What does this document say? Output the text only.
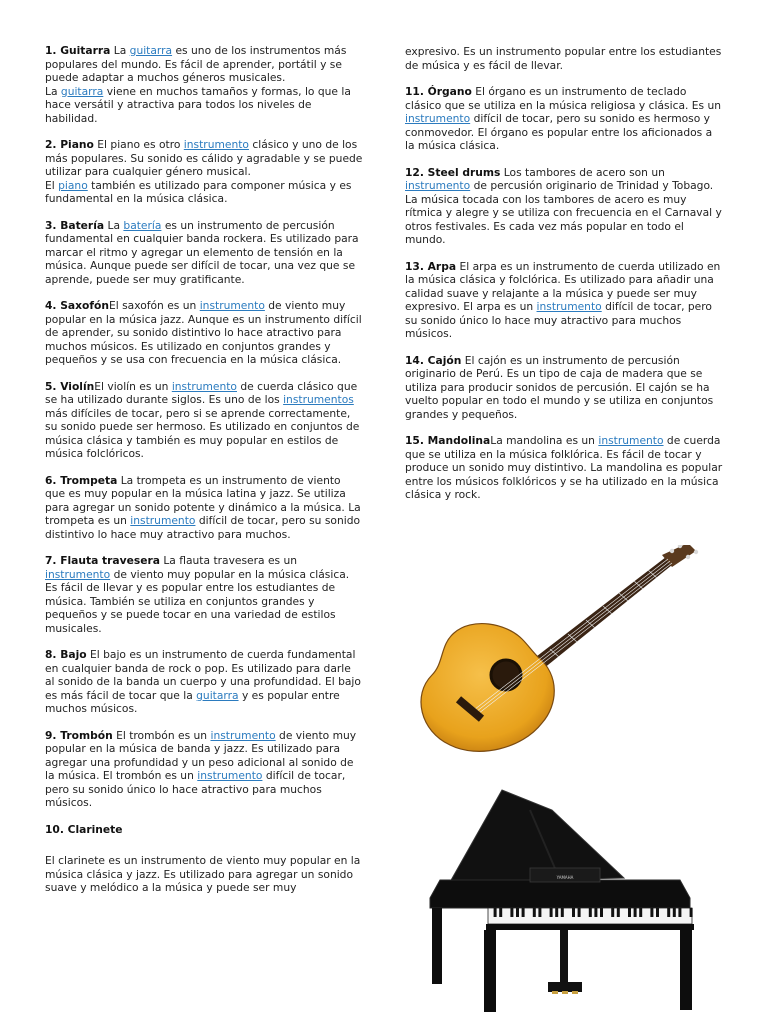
1. Guitarra La guitarra es uno de los instrumentos más populares del mundo. Es fácil de aprender, portátil y se puede adaptar a muchos géneros musicales.
La guitarra viene en muchos tamaños y formas, lo que la hace versátil y atractiva para todos los niveles de habilidad.

2. Piano El piano es otro instrumento clásico y uno de los más populares. Su sonido es cálido y agradable y se puede utilizar para cualquier género musical.
El piano también es utilizado para componer música y es fundamental en la música clásica.

3. Batería La batería es un instrumento de percusión fundamental en cualquier banda rockera. Es utilizado para marcar el ritmo y agregar un elemento de tensión en la música. Aunque puede ser difícil de tocar, una vez que se aprende, puede ser muy gratificante.

4. SaxofónEl saxofón es un instrumento de viento muy popular en la música jazz. Aunque es un instrumento difícil de aprender, su sonido distintivo lo hace atractivo para muchos músicos. Es utilizado en conjuntos grandes y pequeños y se usa con frecuencia en la música clásica.

5. ViolínEl violín es un instrumento de cuerda clásico que se ha utilizado durante siglos. Es uno de los instrumentos más difíciles de tocar, pero si se aprende correctamente, su sonido puede ser hermoso. Es utilizado en conjuntos de música clásica y también es muy popular en estilos de música folclóricos.

6. Trompeta La trompeta es un instrumento de viento que es muy popular en la música latina y jazz. Se utiliza para agregar un sonido potente y dinámico a la música. La trompeta es un instrumento difícil de tocar, pero su sonido distintivo lo hace muy atractivo para muchos.

7. Flauta travesera La flauta travesera es un instrumento de viento muy popular en la música clásica. Es fácil de llevar y es popular entre los estudiantes de música. También se utiliza en conjuntos grandes y pequeños y se puede tocar en una variedad de estilos musicales.

8. Bajo El bajo es un instrumento de cuerda fundamental en cualquier banda de rock o pop. Es utilizado para darle al sonido de la banda un cuerpo y una profundidad. El bajo es más fácil de tocar que la guitarra y es popular entre muchos músicos.

9. Trombón El trombón es un instrumento de viento muy popular en la música de banda y jazz. Es utilizado para agregar una profundidad y un peso adicional al sonido de la música. El trombón es un instrumento difícil de tocar, pero su sonido único lo hace atractivo para muchos músicos.

10. Clarinete

El clarinete es un instrumento de viento muy popular en la música clásica y jazz. Es utilizado para agregar un sonido suave y melódico a la música y puede ser muy

expresivo. Es un instrumento popular entre los estudiantes de música y es fácil de llevar.

11. Órgano El órgano es un instrumento de teclado clásico que se utiliza en la música religiosa y clásica. Es un instrumento difícil de tocar, pero su sonido es hermoso y conmovedor. El órgano es popular entre los aficionados a la música clásica.

12. Steel drums Los tambores de acero son un instrumento de percusión originario de Trinidad y Tobago. La música tocada con los tambores de acero es muy rítmica y alegre y se utiliza con frecuencia en el Carnaval y otros festivales. Es cada vez más popular en todo el mundo.

13. Arpa El arpa es un instrumento de cuerda utilizado en la música clásica y folclórica. Es utilizado para añadir una calidad suave y relajante a la música y puede ser muy expresivo. El arpa es un instrumento difícil de tocar, pero su sonido único lo hace muy atractivo para muchos músicos.

14. Cajón El cajón es un instrumento de percusión originario de Perú. Es un tipo de caja de madera que se utiliza para producir sonidos de percusión. El cajón se ha vuelto popular en todo el mundo y se utiliza en conjuntos grandes y pequeños.

15. MandolinaLa mandolina es un instrumento de cuerda que se utiliza en la música folklórica. Es fácil de tocar y produce un sonido muy distintivo. La mandolina es popular entre los músicos folklóricos y se ha utilizado en la música clásica y rock.

YAMAHA
